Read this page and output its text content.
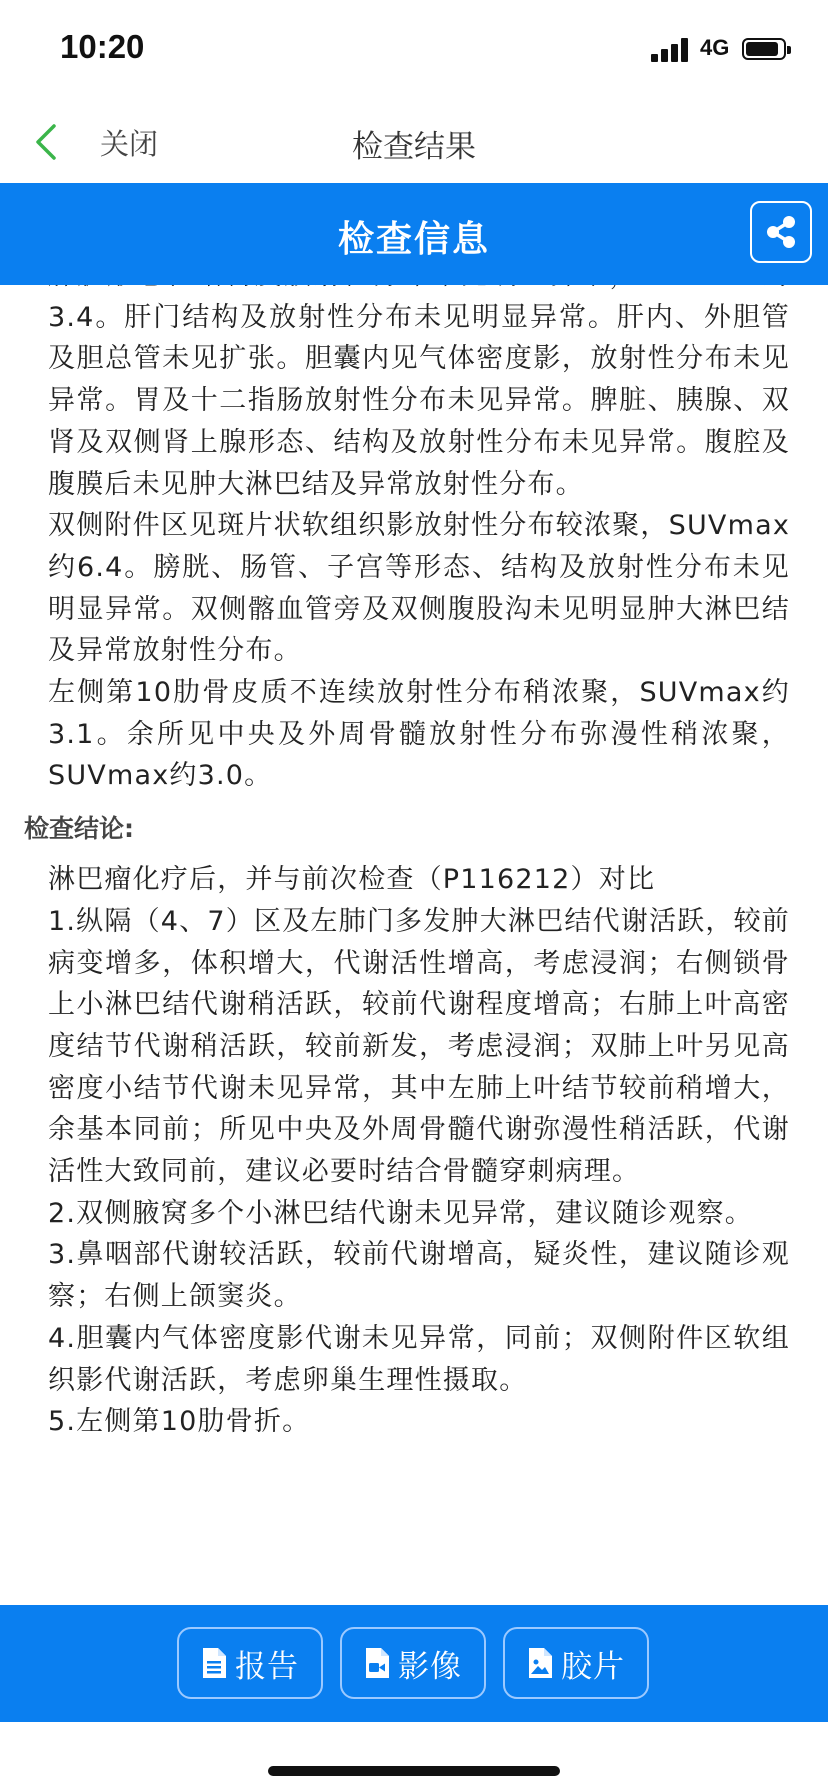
10:20	4G
关闭	检查结果
检查信息

3.4。肝门结构及放射性分布未见明显异常。肝内、外胆管及胆总管未见扩张。胆囊内见气体密度影，放射性分布未见异常。胃及十二指肠放射性分布未见异常。脾脏、胰腺、双肾及双侧肾上腺形态、结构及放射性分布未见异常。腹腔及腹膜后未见肿大淋巴结及异常放射性分布。

双侧附件区见斑片状软组织影放射性分布较浓聚，SUVmax约6.4。膀胱、肠管、子宫等形态、结构及放射性分布未见明显异常。双侧髂血管旁及双侧腹股沟未见明显肿大淋巴结及异常放射性分布。

左侧第10肋骨皮质不连续放射性分布稍浓聚，SUVmax约3.1。余所见中央及外周骨髓放射性分布弥漫性稍浓聚，SUVmax约3.0。

检查结论:

淋巴瘤化疗后，并与前次检查（P116212）对比

1.纵隔（4、7）区及左肺门多发肿大淋巴结代谢活跃，较前病变增多，体积增大，代谢活性增高，考虑浸润；右侧锁骨上小淋巴结代谢稍活跃，较前代谢程度增高；右肺上叶高密度结节代谢稍活跃，较前新发，考虑浸润；双肺上叶另见高密度小结节代谢未见异常，其中左肺上叶结节较前稍增大，余基本同前；所见中央及外周骨髓代谢弥漫性稍活跃，代谢活性大致同前，建议必要时结合骨髓穿刺病理。

2.双侧腋窝多个小淋巴结代谢未见异常，建议随诊观察。

3.鼻咽部代谢较活跃，较前代谢增高，疑炎性，建议随诊观察；右侧上颌窦炎。

4.胆囊内气体密度影代谢未见异常，同前；双侧附件区软组织影代谢活跃，考虑卵巢生理性摄取。

5.左侧第10肋骨折。

报告	影像	胶片
